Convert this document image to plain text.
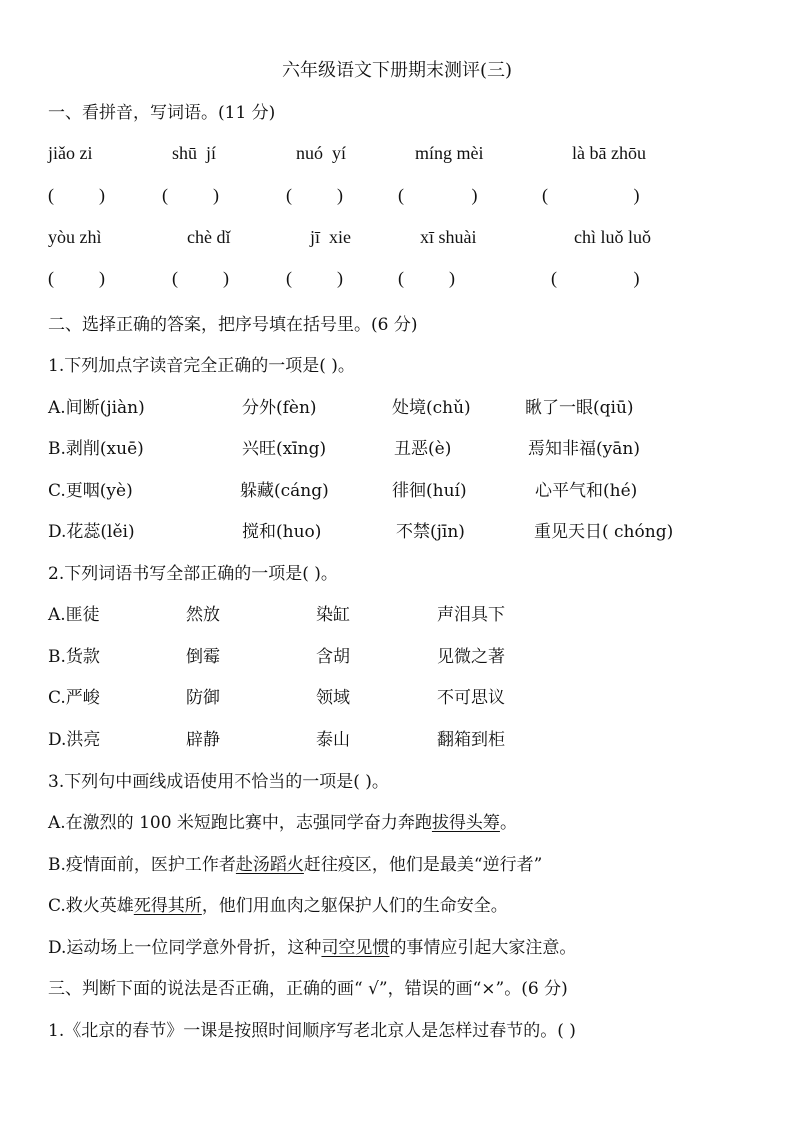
六年级语文下册期末测评(三)
一、看拼音，写词语。(11 分)
jiǎo zi	shū  jí	nuó  yí	míng mèi	là bā zhōu
(          )	(          )	(          )	(               )	(                   )
yòu zhì	chè dǐ	jī  xie	xī shuài	chì luǒ luǒ
(          )	(          )	(          )	(          )	(                 )
二、选择正确的答案，把序号填在括号里。(6 分)
1.下列加点字读音完全正确的一项是( )。
A.间断(jiàn)	分外(fèn)	处境(chǔ)	瞅了一眼(qiū)
B.剥削(xuē)	兴旺(xīng)	丑恶(è)	焉知非福(yān)
C.更咽(yè)	躲藏(cáng)	徘徊(huí)	心平气和(hé)
D.花蕊(lěi)	搅和(huo)	不禁(jīn)	重见天日( chóng)
2.下列词语书写全部正确的一项是( )。
A.匪徒	然放	染缸	声泪具下
B.货款	倒霉	含胡	见微之著
C.严峻	防御	领域	不可思议
D.洪亮	辟静	泰山	翻箱到柜
3.下列句中画线成语使用不恰当的一项是( )。
A.在激烈的 100 米短跑比赛中，志强同学奋力奔跑拔得头筹。
B.疫情面前，医护工作者赴汤蹈火赶往疫区，他们是最美“逆行者”
C.救火英雄死得其所，他们用血肉之躯保护人们的生命安全。
D.运动场上一位同学意外骨折，这种司空见惯的事情应引起大家注意。
三、判断下面的说法是否正确，正确的画“ √”，错误的画“×”。(6 分)
1.《北京的春节》一课是按照时间顺序写老北京人是怎样过春节的。( )
